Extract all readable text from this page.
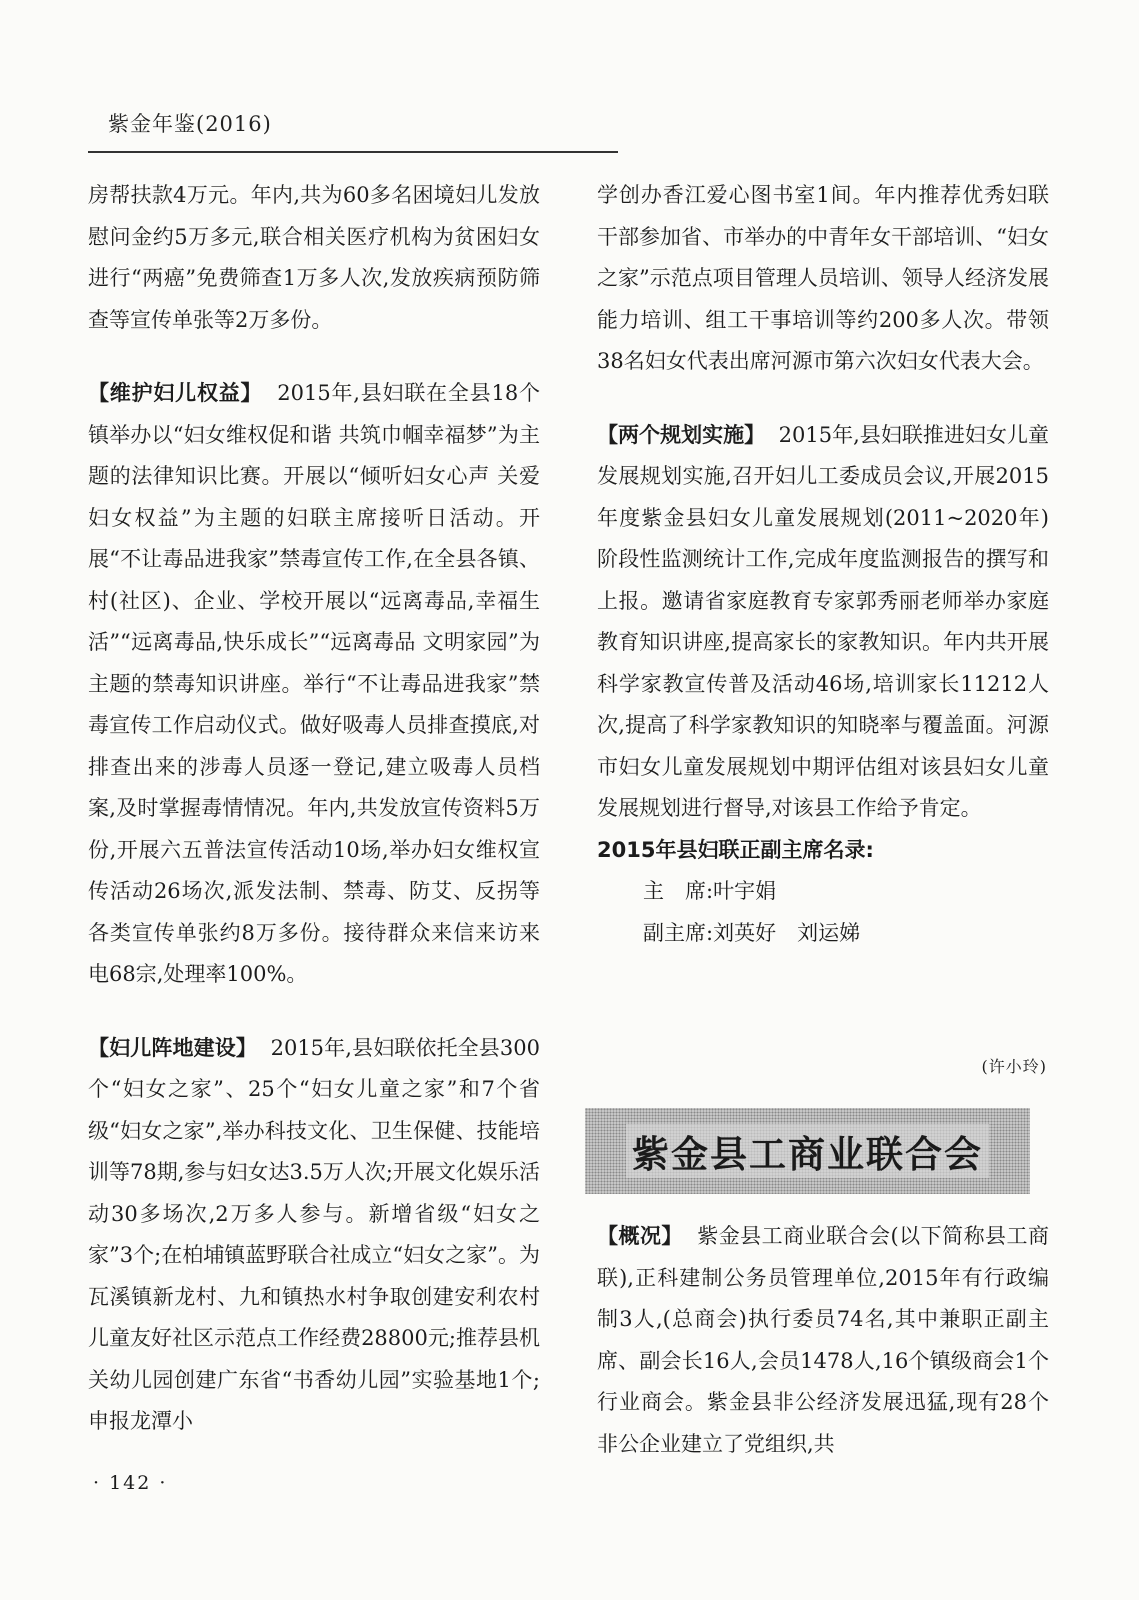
紫金年鉴(2016)

房帮扶款4万元。年内,共为60多名困境妇儿发放慰问金约5万多元,联合相关医疗机构为贫困妇女进行“两癌”免费筛查1万多人次,发放疾病预防筛查等宣传单张等2万多份。

【维护妇儿权益】 2015年,县妇联在全县18个镇举办以“妇女维权促和谐 共筑巾帼幸福梦”为主题的法律知识比赛。开展以“倾听妇女心声 关爱妇女权益”为主题的妇联主席接听日活动。开展“不让毒品进我家”禁毒宣传工作,在全县各镇、村(社区)、企业、学校开展以“远离毒品,幸福生活”“远离毒品,快乐成长”“远离毒品 文明家园”为主题的禁毒知识讲座。举行“不让毒品进我家”禁毒宣传工作启动仪式。做好吸毒人员排查摸底,对排查出来的涉毒人员逐一登记,建立吸毒人员档案,及时掌握毒情情况。年内,共发放宣传资料5万份,开展六五普法宣传活动10场,举办妇女维权宣传活动26场次,派发法制、禁毒、防艾、反拐等各类宣传单张约8万多份。接待群众来信来访来电68宗,处理率100%。

【妇儿阵地建设】 2015年,县妇联依托全县300个“妇女之家”、25个“妇女儿童之家”和7个省级“妇女之家”,举办科技文化、卫生保健、技能培训等78期,参与妇女达3.5万人次;开展文化娱乐活动30多场次,2万多人参与。新增省级“妇女之家”3个;在柏埔镇蓝野联合社成立“妇女之家”。为瓦溪镇新龙村、九和镇热水村争取创建安利农村儿童友好社区示范点工作经费28800元;推荐县机关幼儿园创建广东省“书香幼儿园”实验基地1个;申报龙潭小

学创办香江爱心图书室1间。年内推荐优秀妇联干部参加省、市举办的中青年女干部培训、“妇女之家”示范点项目管理人员培训、领导人经济发展能力培训、组工干事培训等约200多人次。带领38名妇女代表出席河源市第六次妇女代表大会。

【两个规划实施】 2015年,县妇联推进妇女儿童发展规划实施,召开妇儿工委成员会议,开展2015年度紫金县妇女儿童发展规划(2011~2020年)阶段性监测统计工作,完成年度监测报告的撰写和上报。邀请省家庭教育专家郭秀丽老师举办家庭教育知识讲座,提高家长的家教知识。年内共开展科学家教宣传普及活动46场,培训家长11212人次,提高了科学家教知识的知晓率与覆盖面。河源市妇女儿童发展规划中期评估组对该县妇女儿童发展规划进行督导,对该县工作给予肯定。

2015年县妇联正副主席名录:

主　席:叶宇娟

副主席:刘英好　刘运娣

(许小玲)
紫金县工商业联合会

【概况】 紫金县工商业联合会(以下简称县工商联),正科建制公务员管理单位,2015年有行政编制3人,(总商会)执行委员74名,其中兼职正副主席、副会长16人,会员1478人,16个镇级商会1个行业商会。紫金县非公经济发展迅猛,现有28个非公企业建立了党组织,共

· 142 ·
